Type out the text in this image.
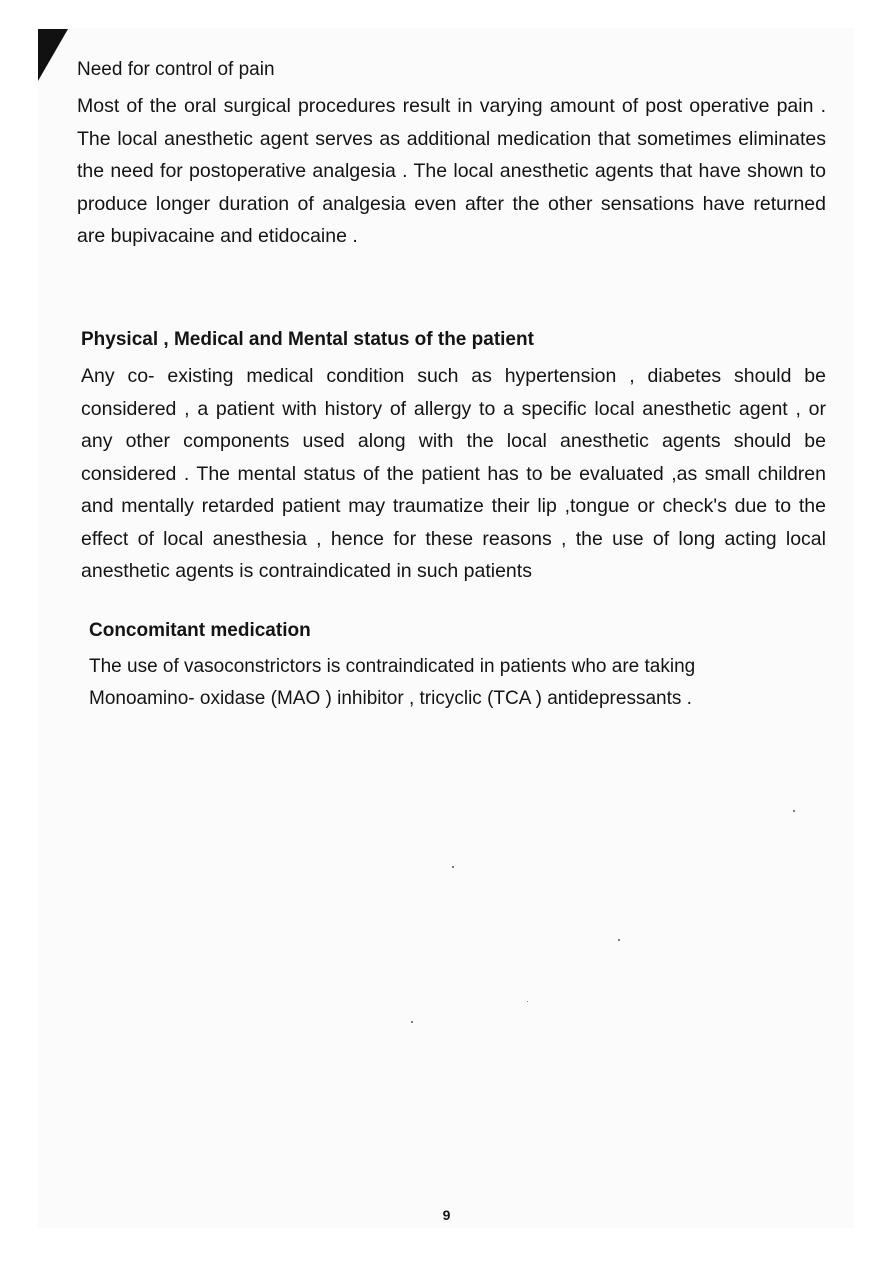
Need for control of pain

Most of the oral surgical procedures result in varying amount of post operative pain . The local anesthetic agent serves as additional medication that sometimes eliminates the need for postoperative analgesia . The local anesthetic agents that have shown to produce longer duration of analgesia even after the other sensations have returned are bupivacaine and etidocaine .

Physical , Medical and Mental status of the patient

Any co- existing medical condition such as hypertension , diabetes should be considered , a patient with history of allergy to a specific local anesthetic agent , or any other components used along with the local anesthetic agents should be considered . The mental status of the patient has to be evaluated ,as small children and mentally retarded patient may traumatize their lip ,tongue or check's due to the effect of local anesthesia , hence for these reasons , the use of long acting local anesthetic agents is contraindicated in such patients

Concomitant medication

The use of vasoconstrictors is contraindicated in patients who are taking

Monoamino- oxidase (MAO ) inhibitor , tricyclic (TCA ) antidepressants .

9
